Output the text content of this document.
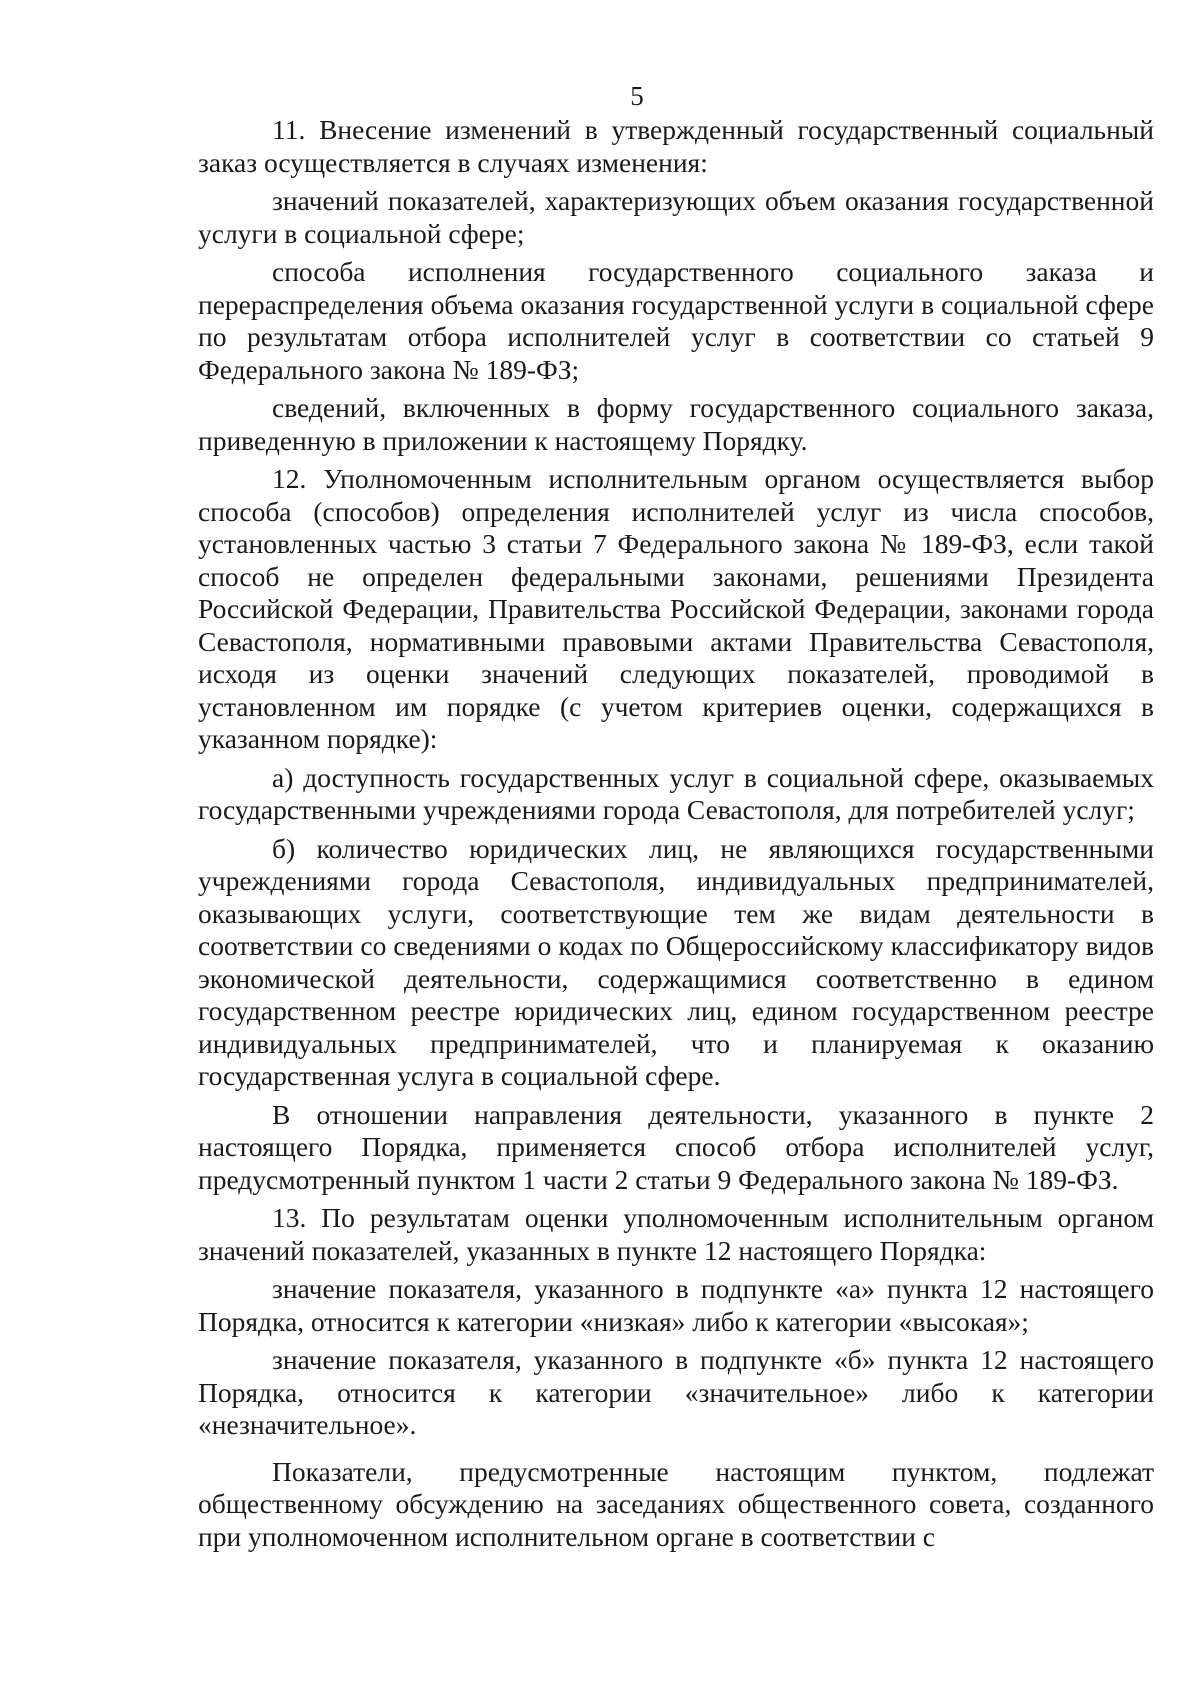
5

11. Внесение изменений в утвержденный государственный социальный заказ осуществляется в случаях изменения:

значений показателей, характеризующих объем оказания государственной услуги в социальной сфере;

способа исполнения государственного социального заказа и перераспределения объема оказания государственной услуги в социальной сфере по результатам отбора исполнителей услуг в соответствии со статьей 9 Федерального закона № 189-ФЗ;

сведений, включенных в форму государственного социального заказа, приведенную в приложении к настоящему Порядку.

12. Уполномоченным исполнительным органом осуществляется выбор способа (способов) определения исполнителей услуг из числа способов, установленных частью 3 статьи 7 Федерального закона № 189-ФЗ, если такой способ не определен федеральными законами, решениями Президента Российской Федерации, Правительства Российской Федерации, законами города Севастополя, нормативными правовыми актами Правительства Севастополя, исходя из оценки значений следующих показателей, проводимой в установленном им порядке (с учетом критериев оценки, содержащихся в указанном порядке):

а) доступность государственных услуг в социальной сфере, оказываемых государственными учреждениями города Севастополя, для потребителей услуг;

б) количество юридических лиц, не являющихся государственными учреждениями города Севастополя, индивидуальных предпринимателей, оказывающих услуги, соответствующие тем же видам деятельности в соответствии со сведениями о кодах по Общероссийскому классификатору видов экономической деятельности, содержащимися соответственно в едином государственном реестре юридических лиц, едином государственном реестре индивидуальных предпринимателей, что и планируемая к оказанию государственная услуга в социальной сфере.

В отношении направления деятельности, указанного в пункте 2 настоящего Порядка, применяется способ отбора исполнителей услуг, предусмотренный пунктом 1 части 2 статьи 9 Федерального закона № 189-ФЗ.

13. По результатам оценки уполномоченным исполнительным органом значений показателей, указанных в пункте 12 настоящего Порядка:

значение показателя, указанного в подпункте «а» пункта 12 настоящего Порядка, относится к категории «низкая» либо к категории «высокая»;

значение показателя, указанного в подпункте «б» пункта 12 настоящего Порядка, относится к категории «значительное» либо к категории «незначительное».

Показатели, предусмотренные настоящим пунктом, подлежат общественному обсуждению на заседаниях общественного совета, созданного при уполномоченном исполнительном органе в соответствии с
